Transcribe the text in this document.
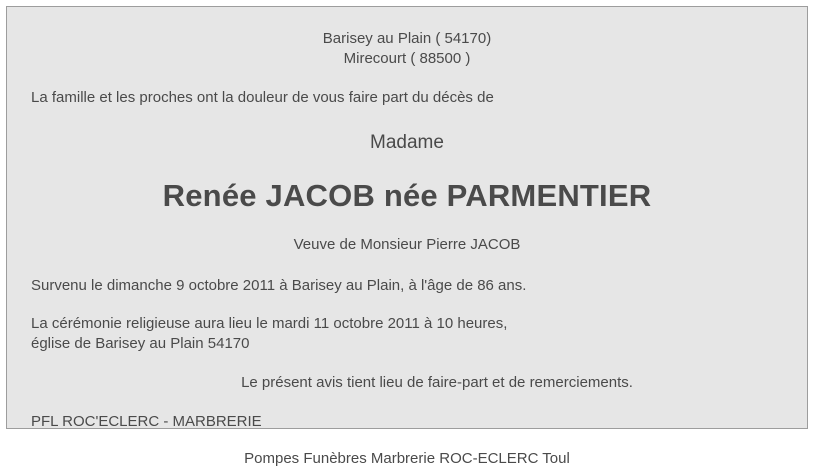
Barisey au Plain ( 54170)
Mirecourt ( 88500 )
La famille et les proches ont la douleur de vous faire part du décès de
Madame
Renée JACOB née PARMENTIER
Veuve de Monsieur Pierre JACOB
Survenu le dimanche 9 octobre 2011 à Barisey au Plain, à l'âge de 86 ans.
La cérémonie religieuse aura lieu le mardi 11 octobre 2011 à 10 heures,
église de Barisey au Plain 54170
Le présent avis tient lieu de faire-part et de remerciements.
PFL ROC'ECLERC - MARBRERIE
Pompes Funèbres Marbrerie ROC-ECLERC Toul
